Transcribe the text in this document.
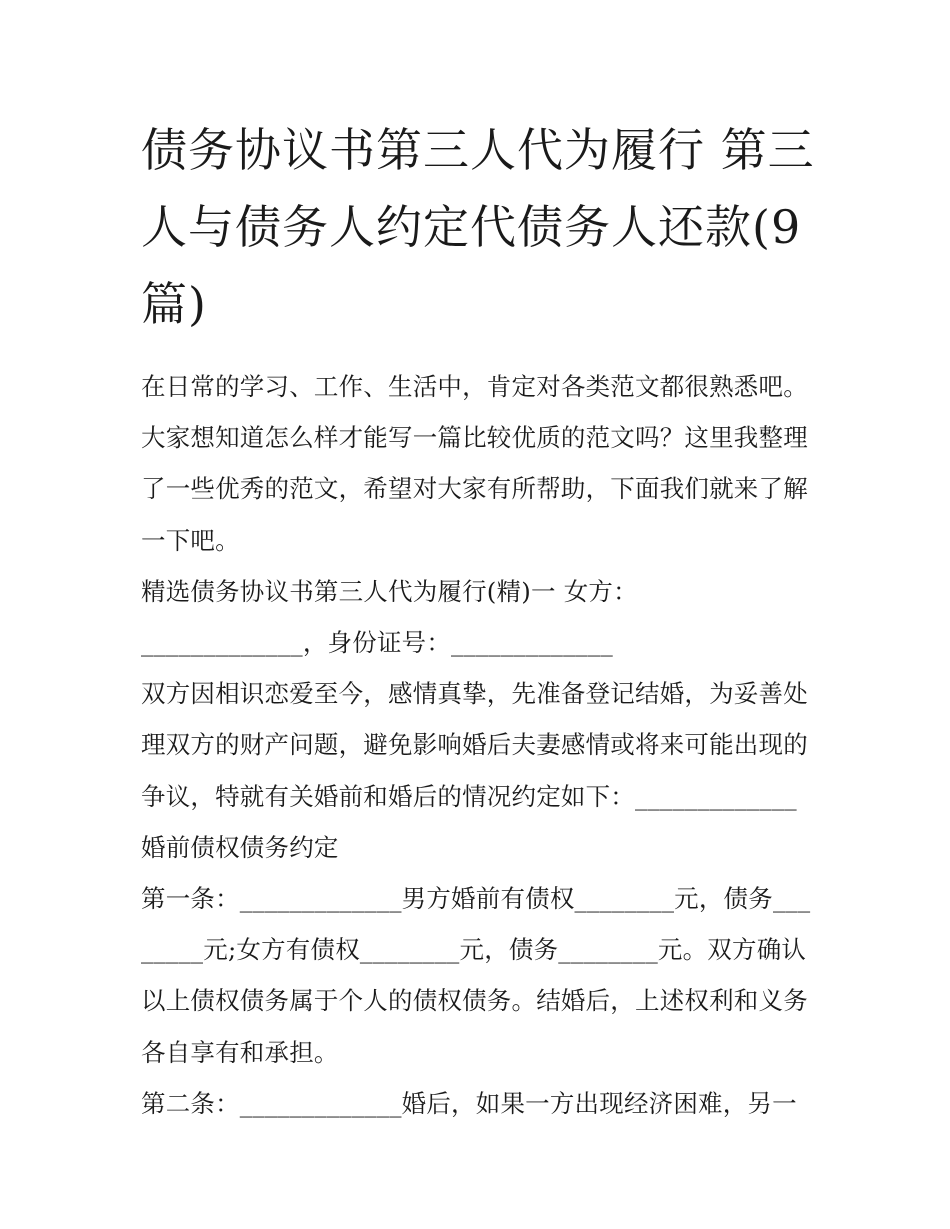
债务协议书第三人代为履行 第三人与债务人约定代债务人还款(9篇)

在日常的学习、工作、生活中，肯定对各类范文都很熟悉吧。大家想知道怎么样才能写一篇比较优质的范文吗？这里我整理了一些优秀的范文，希望对大家有所帮助，下面我们就来了解一下吧。

精选债务协议书第三人代为履行(精)一 女方：

_____________，身份证号：_____________

双方因相识恋爱至今，感情真挚，先准备登记结婚，为妥善处理双方的财产问题，避免影响婚后夫妻感情或将来可能出现的争议，特就有关婚前和婚后的情况约定如下：_____________

婚前债权债务约定

第一条：_____________男方婚前有债权________元，债务________元;女方有债权________元，债务________元。双方确认以上债权债务属于个人的债权债务。结婚后，上述权利和义务各自享有和承担。

第二条：_____________婚后，如果一方出现经济困难，另一
